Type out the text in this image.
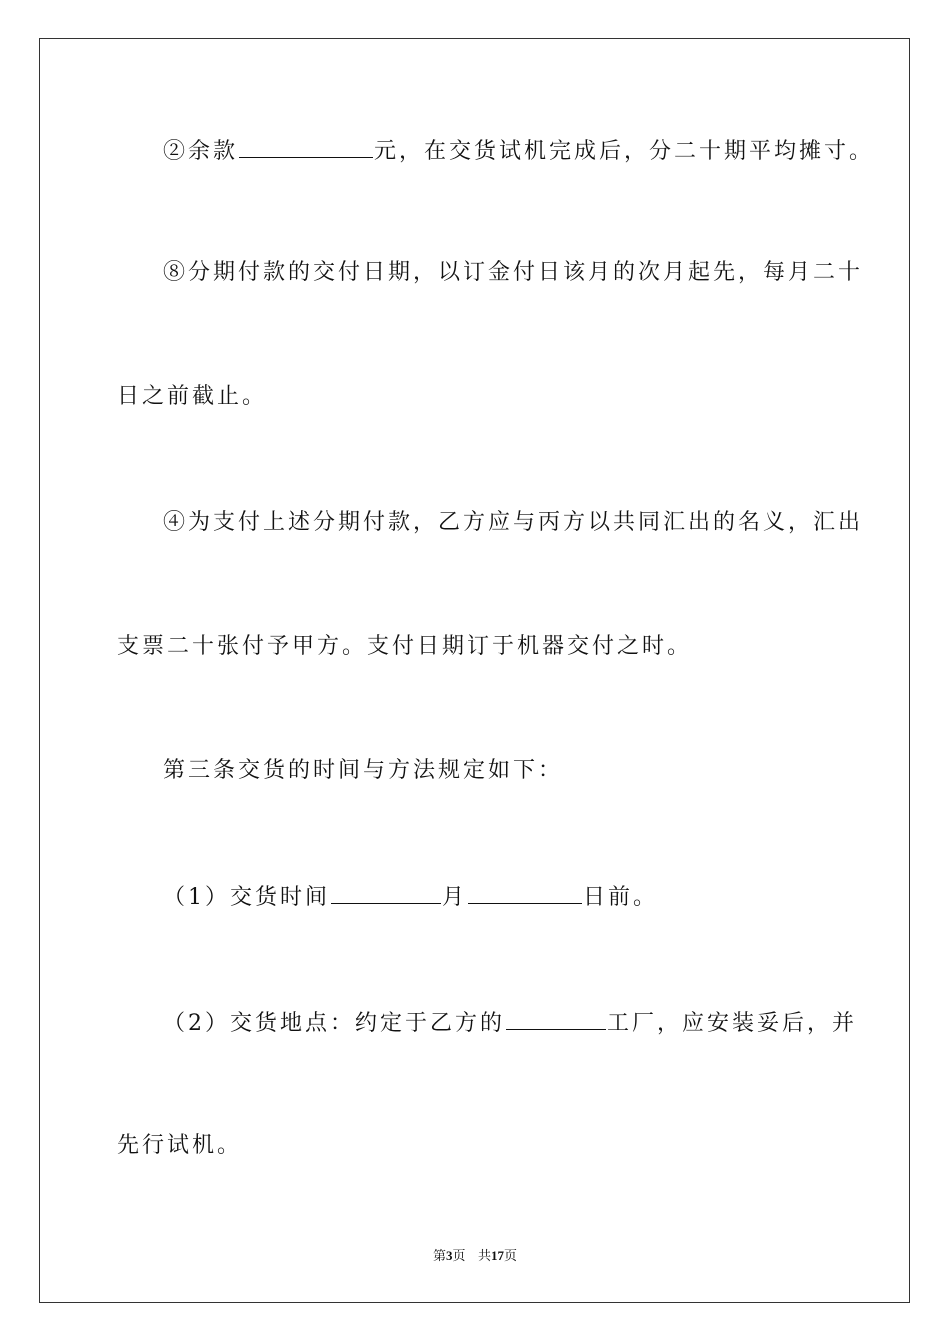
②余款	元，在交货试机完成后，分二十期平均摊寸。
⑧分期付款的交付日期，以订金付日该月的次月起先，每月二十
日之前截止。
④为支付上述分期付款，乙方应与丙方以共同汇出的名义，汇出
支票二十张付予甲方。支付日期订于机器交付之时。
第三条交货的时间与方法规定如下：
（1）交货时间	月	日前。
（2）交货地点：约定于乙方的	工厂，应安装妥后，并
先行试机。
第3页 共17页
